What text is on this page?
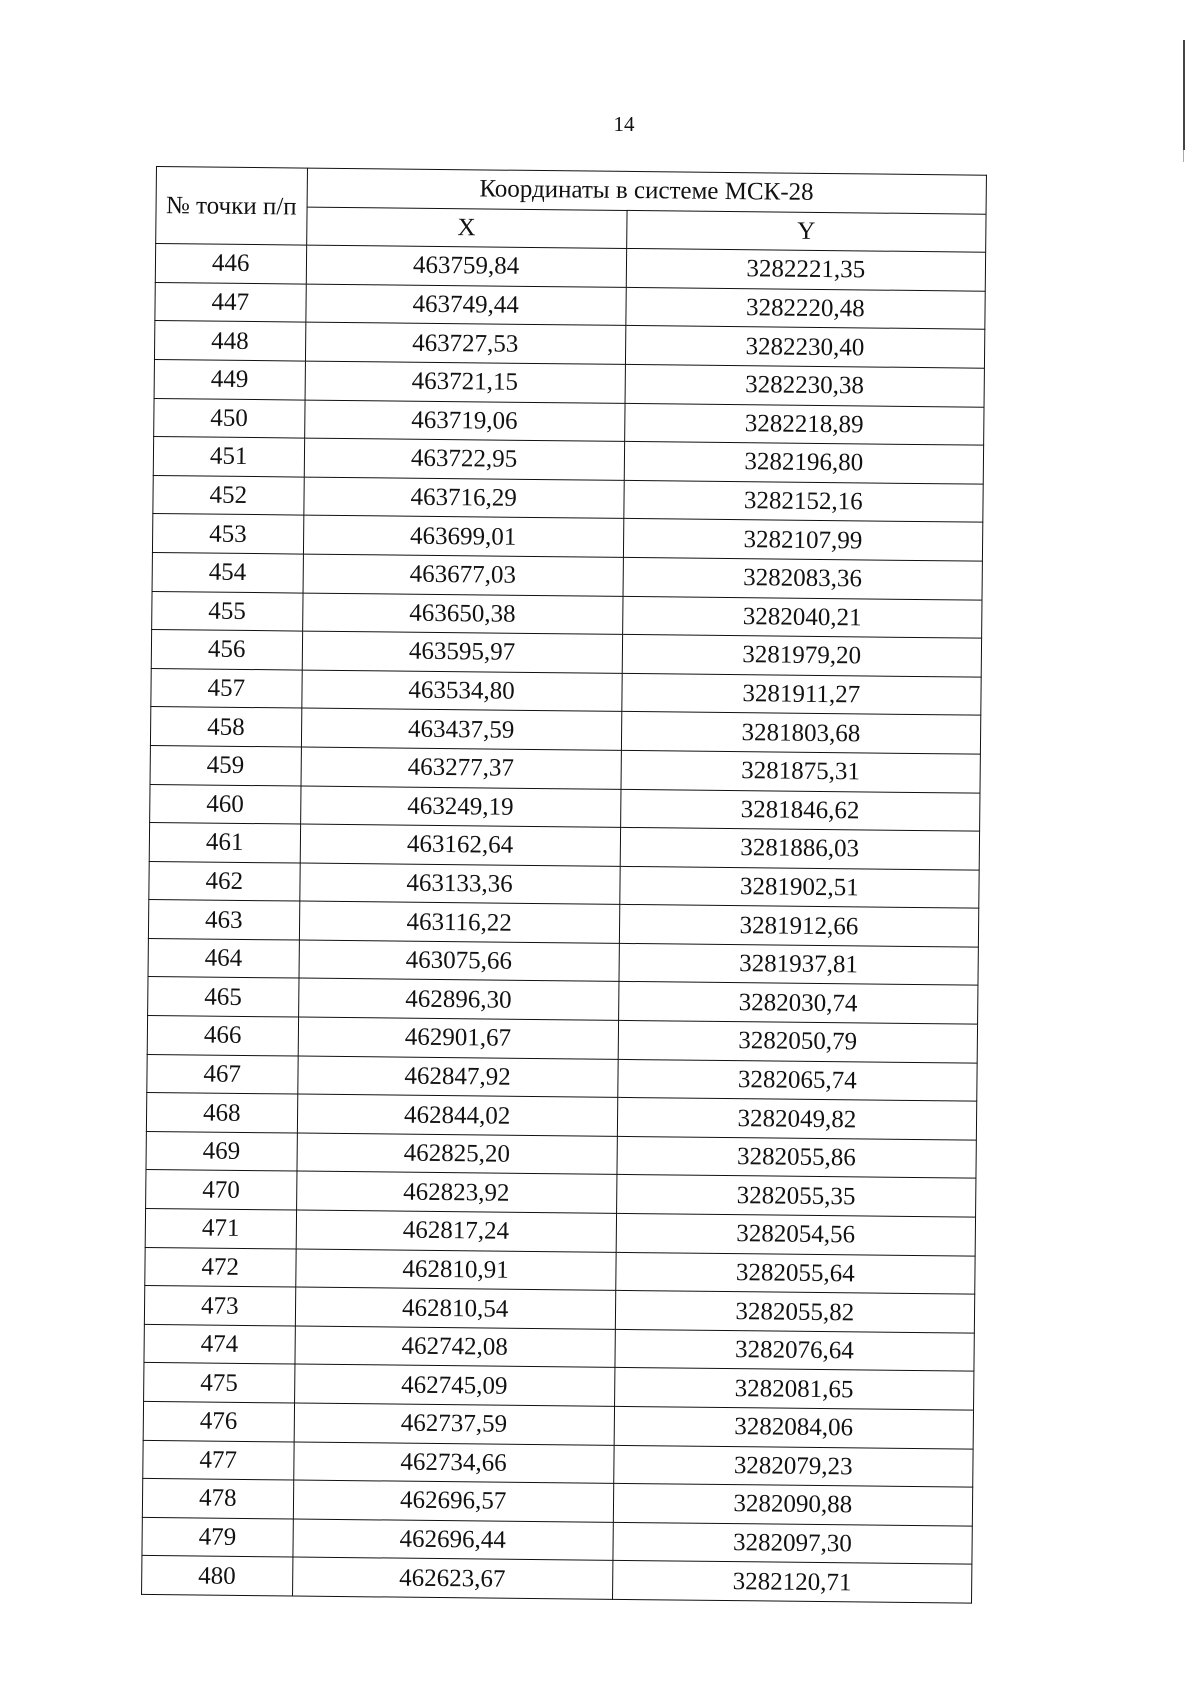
14
№ точки п/п	Координаты в системе МСК-28	
	X	Y
446	463759,84	3282221,35
447	463749,44	3282220,48
448	463727,53	3282230,40
449	463721,15	3282230,38
450	463719,06	3282218,89
451	463722,95	3282196,80
452	463716,29	3282152,16
453	463699,01	3282107,99
454	463677,03	3282083,36
455	463650,38	3282040,21
456	463595,97	3281979,20
457	463534,80	3281911,27
458	463437,59	3281803,68
459	463277,37	3281875,31
460	463249,19	3281846,62
461	463162,64	3281886,03
462	463133,36	3281902,51
463	463116,22	3281912,66
464	463075,66	3281937,81
465	462896,30	3282030,74
466	462901,67	3282050,79
467	462847,92	3282065,74
468	462844,02	3282049,82
469	462825,20	3282055,86
470	462823,92	3282055,35
471	462817,24	3282054,56
472	462810,91	3282055,64
473	462810,54	3282055,82
474	462742,08	3282076,64
475	462745,09	3282081,65
476	462737,59	3282084,06
477	462734,66	3282079,23
478	462696,57	3282090,88
479	462696,44	3282097,30
480	462623,67	3282120,71
